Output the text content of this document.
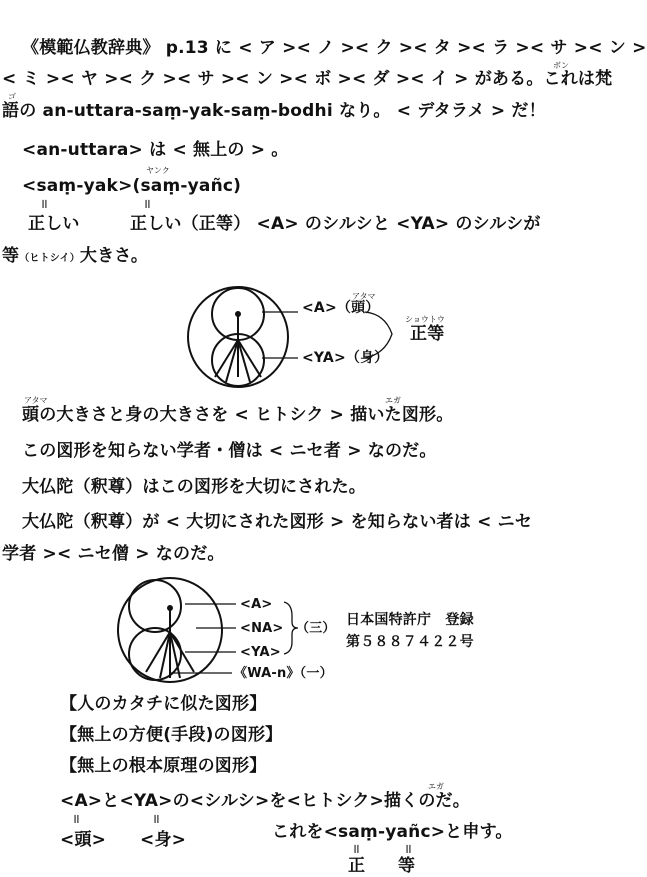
《模範仏教辞典》 p.13 に < ア >< ノ >< ク >< タ >< ラ >< サ >< ン >
< ミ >< ヤ >< ク >< サ >< ン >< ボ >< ダ >< イ > がある。これは梵
ボン
ゴ
語の an-uttara-saṃ-yak-saṃ-bodhi なり。 < デタラメ > だ！
<an-uttara> は < 無上の > 。
ヤンク
<saṃ-yak>(saṃ-yañc)
॥	॥
正しい	正しい（正等） <A> のシルシと <YA> のシルシが
等（ヒトシイ）大きさ。
<A>（頭）
アタマ
<YA>（身）
ショウトウ
正等
アタマ	エガ
頭の大きさと身の大きさを < ヒトシク > 描いた図形。
この図形を知らない学者・僧は < ニセ者 > なのだ。
大仏陀（釈尊）はこの図形を大切にされた。
大仏陀（釈尊）が < 大切にされた図形 > を知らない者は < ニセ
学者 >< ニセ僧 > なのだ。
<A>
<NA>
<YA>
《WA-n》（一）
（三）
日本国特許庁　登録
第５８８７４２２号
【人のカタチに似た図形】
【無上の方便(手段)の図形】
【無上の根本原理の図形】
エガ
<A>と<YA>の<シルシ>を<ヒトシク>描くのだ。
॥	॥
<頭> <身>	これを<saṃ-yañc>と申す。
॥	॥
正 等
